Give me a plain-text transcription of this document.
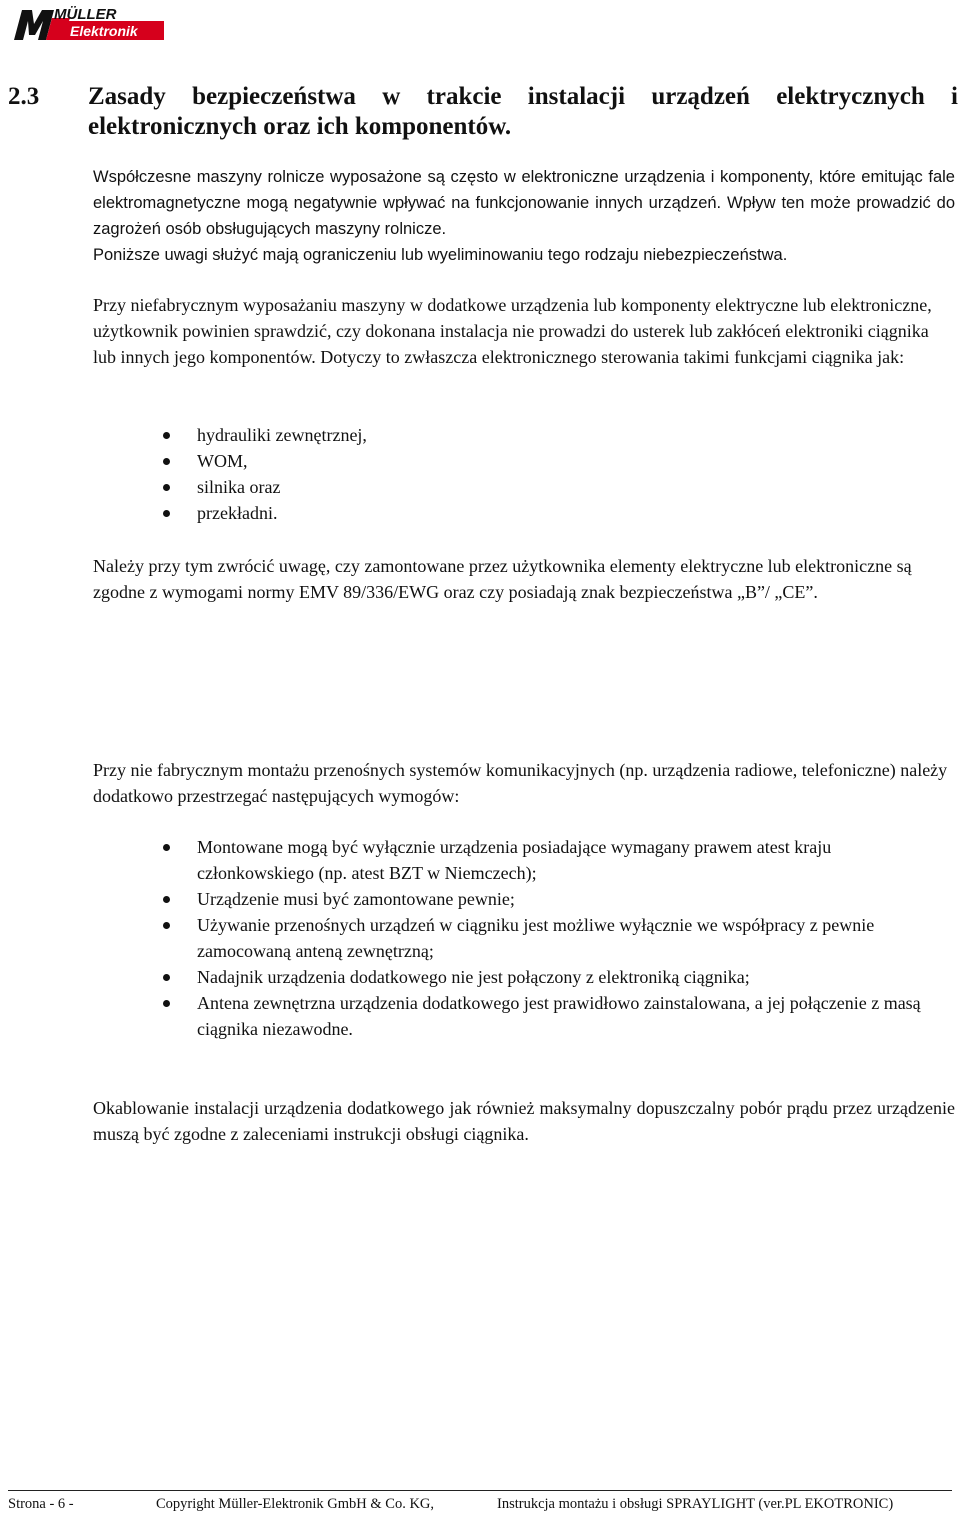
MÜLLER
Elektronik
2.3 Zasady bezpieczeństwa w trakcie instalacji urządzeń elektrycznych i
elektronicznych oraz ich komponentów.

Współczesne maszyny rolnicze wyposażone są często w elektroniczne urządzenia i komponenty, które emitując fale elektromagnetyczne mogą negatywnie wpływać na funkcjonowanie innych urządzeń. Wpływ ten może prowadzić do zagrożeń osób obsługujących maszyny rolnicze.

Poniższe uwagi służyć mają ograniczeniu lub wyeliminowaniu tego rodzaju niebezpieczeństwa.

Przy niefabrycznym wyposażaniu maszyny w dodatkowe urządzenia lub komponenty elektryczne lub elektroniczne, użytkownik powinien sprawdzić, czy dokonana instalacja nie prowadzi do usterek lub zakłóceń elektroniki ciągnika lub innych jego komponentów. Dotyczy to zwłaszcza elektronicznego sterowania takimi funkcjami ciągnika jak:

hydrauliki zewnętrznej,
WOM,
silnika oraz
przekładni.

Należy przy tym zwrócić uwagę, czy zamontowane przez użytkownika elementy elektryczne lub elektroniczne są zgodne z wymogami normy EMV 89/336/EWG oraz czy posiadają znak bezpieczeństwa „B”/ „CE”.

Przy nie fabrycznym montażu przenośnych systemów komunikacyjnych (np. urządzenia radiowe, telefoniczne) należy dodatkowo przestrzegać następujących wymogów:

Montowane mogą być wyłącznie urządzenia posiadające wymagany prawem atest kraju członkowskiego (np. atest BZT w Niemczech);
Urządzenie musi być zamontowane pewnie;
Używanie przenośnych urządzeń w ciągniku jest możliwe wyłącznie we współpracy z pewnie zamocowaną anteną zewnętrzną;
Nadajnik urządzenia dodatkowego nie jest połączony z elektroniką ciągnika;
Antena zewnętrzna urządzenia dodatkowego jest prawidłowo zainstalowana, a jej połączenie z masą ciągnika niezawodne.

Okablowanie instalacji urządzenia dodatkowego jak również maksymalny dopuszczalny pobór prądu przez urządzenie muszą być zgodne z zaleceniami instrukcji obsługi ciągnika.

Strona - 6 -	Copyright Müller-Elektronik GmbH & Co. KG,	Instrukcja montażu i obsługi SPRAYLIGHT (ver.PL EKOTRONIC)
